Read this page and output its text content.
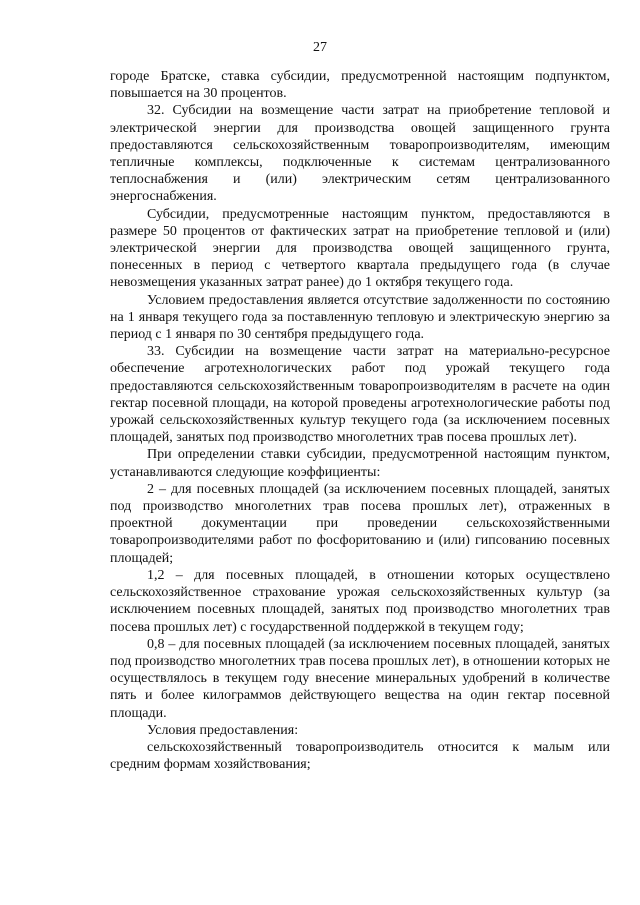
27

городе Братске, ставка субсидии, предусмотренной настоящим подпунктом, повышается на 30 процентов.

32. Субсидии на возмещение части затрат на приобретение тепловой и электрической энергии для производства овощей защищенного грунта предоставляются сельскохозяйственным товаропроизводителям, имеющим тепличные комплексы, подключенные к системам централизованного теплоснабжения и (или) электрическим сетям централизованного энергоснабжения.

Субсидии, предусмотренные настоящим пунктом, предоставляются в размере 50 процентов от фактических затрат на приобретение тепловой и (или) электрической энергии для производства овощей защищенного грунта, понесенных в период с четвертого квартала предыдущего года (в случае невозмещения указанных затрат ранее) до 1 октября текущего года.

Условием предоставления является отсутствие задолженности по состоянию на 1 января текущего года за поставленную тепловую и электрическую энергию за период с 1 января по 30 сентября предыдущего года.

33. Субсидии на возмещение части затрат на материально-ресурсное обеспечение агротехнологических работ под урожай текущего года предоставляются сельскохозяйственным товаропроизводителям в расчете на один гектар посевной площади, на которой проведены агротехнологические работы под урожай сельскохозяйственных культур текущего года (за исключением посевных площадей, занятых под производство многолетних трав посева прошлых лет).

При определении ставки субсидии, предусмотренной настоящим пунктом, устанавливаются следующие коэффициенты:

2 – для посевных площадей (за исключением посевных площадей, занятых под производство многолетних трав посева прошлых лет), отраженных в проектной документации при проведении сельскохозяйственными товаропроизводителями работ по фосфоритованию и (или) гипсованию посевных площадей;

1,2 – для посевных площадей, в отношении которых осуществлено сельскохозяйственное страхование урожая сельскохозяйственных культур (за исключением посевных площадей, занятых под производство многолетних трав посева прошлых лет) с государственной поддержкой в текущем году;

0,8 – для посевных площадей (за исключением посевных площадей, занятых под производство многолетних трав посева прошлых лет), в отношении которых не осуществлялось в текущем году внесение минеральных удобрений в количестве пять и более килограммов действующего вещества на один гектар посевной площади.

Условия предоставления:

сельскохозяйственный товаропроизводитель относится к малым или средним формам хозяйствования;
